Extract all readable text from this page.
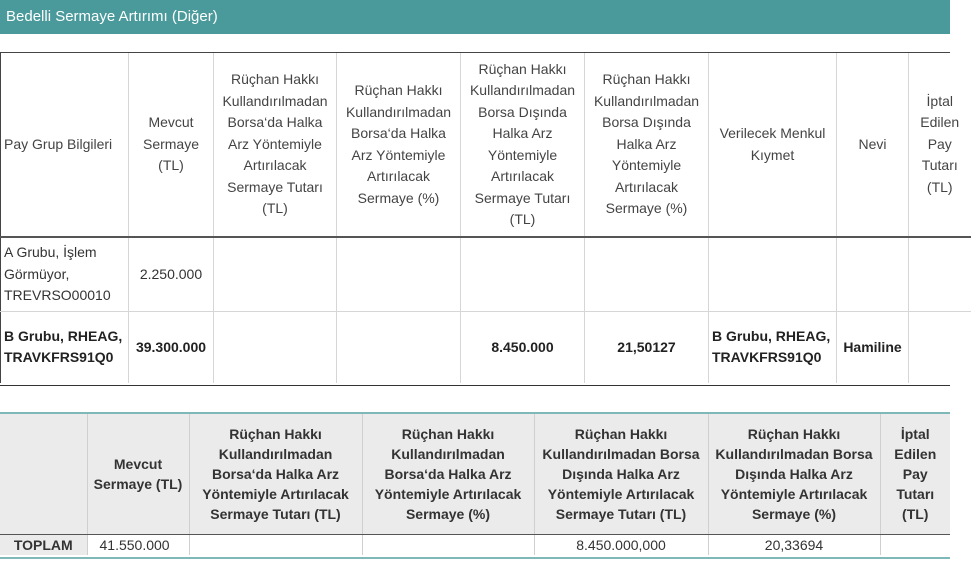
Bedelli Sermaye Artırımı (Diğer)
Pay Grup Bilgileri	Mevcut Sermaye (TL)	Rüçhan Hakkı Kullandırılmadan Borsa‘da Halka Arz Yöntemiyle Artırılacak Sermaye Tutarı (TL)	Rüçhan Hakkı Kullandırılmadan Borsa‘da Halka Arz Yöntemiyle Artırılacak Sermaye (%)	Rüçhan Hakkı Kullandırılmadan Borsa Dışında Halka Arz Yöntemiyle Artırılacak Sermaye Tutarı (TL)	Rüçhan Hakkı Kullandırılmadan Borsa Dışında Halka Arz Yöntemiyle Artırılacak Sermaye (%)	Verilecek Menkul Kıymet	Nevi	İptal Edilen Pay Tutarı (TL)
A Grubu, İşlem Görmüyor, TREVRSO00010	2.250.000							
B Grubu, RHEAG, TRAVKFRS91Q0	39.300.000			8.450.000	21,50127	B Grubu, RHEAG, TRAVKFRS91Q0	Hamiline	
	Mevcut Sermaye (TL)	Rüçhan Hakkı Kullandırılmadan Borsa‘da Halka Arz Yöntemiyle Artırılacak Sermaye Tutarı (TL)	Rüçhan Hakkı Kullandırılmadan Borsa‘da Halka Arz Yöntemiyle Artırılacak Sermaye (%)	Rüçhan Hakkı Kullandırılmadan Borsa Dışında Halka Arz Yöntemiyle Artırılacak Sermaye Tutarı (TL)	Rüçhan Hakkı Kullandırılmadan Borsa Dışında Halka Arz Yöntemiyle Artırılacak Sermaye (%)	İptal Edilen Pay Tutarı (TL)
TOPLAM	41.550.000			8.450.000,000	20,33694	
